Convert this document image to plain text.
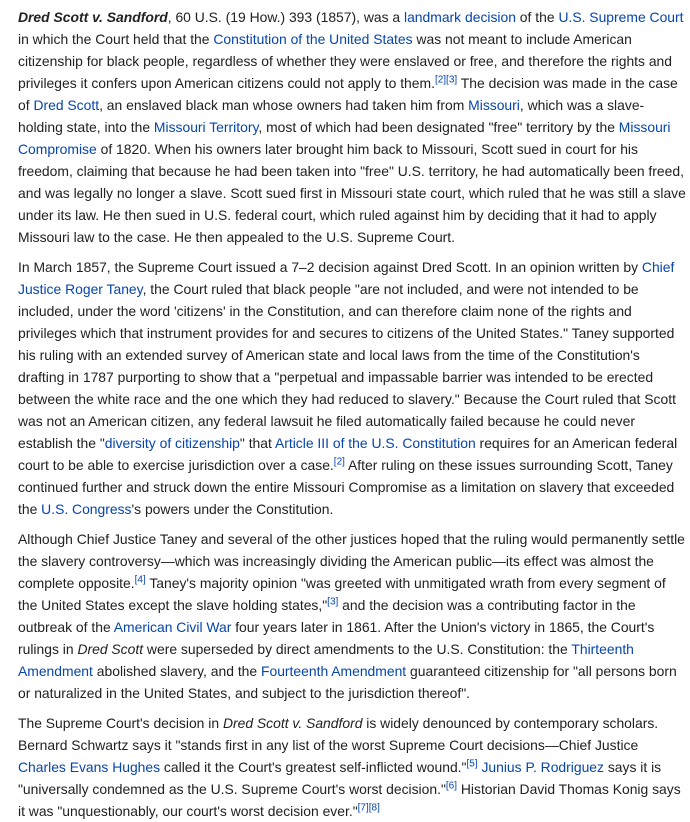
Dred Scott v. Sandford, 60 U.S. (19 How.) 393 (1857), was a landmark decision of the U.S. Supreme Court in which the Court held that the Constitution of the United States was not meant to include American citizenship for black people, regardless of whether they were enslaved or free, and therefore the rights and privileges it confers upon American citizens could not apply to them.[2][3] The decision was made in the case of Dred Scott, an enslaved black man whose owners had taken him from Missouri, which was a slave-holding state, into the Missouri Territory, most of which had been designated "free" territory by the Missouri Compromise of 1820. When his owners later brought him back to Missouri, Scott sued in court for his freedom, claiming that because he had been taken into "free" U.S. territory, he had automatically been freed, and was legally no longer a slave. Scott sued first in Missouri state court, which ruled that he was still a slave under its law. He then sued in U.S. federal court, which ruled against him by deciding that it had to apply Missouri law to the case. He then appealed to the U.S. Supreme Court.

In March 1857, the Supreme Court issued a 7–2 decision against Dred Scott. In an opinion written by Chief Justice Roger Taney, the Court ruled that black people "are not included, and were not intended to be included, under the word 'citizens' in the Constitution, and can therefore claim none of the rights and privileges which that instrument provides for and secures to citizens of the United States." Taney supported his ruling with an extended survey of American state and local laws from the time of the Constitution's drafting in 1787 purporting to show that a "perpetual and impassable barrier was intended to be erected between the white race and the one which they had reduced to slavery." Because the Court ruled that Scott was not an American citizen, any federal lawsuit he filed automatically failed because he could never establish the "diversity of citizenship" that Article III of the U.S. Constitution requires for an American federal court to be able to exercise jurisdiction over a case.[2] After ruling on these issues surrounding Scott, Taney continued further and struck down the entire Missouri Compromise as a limitation on slavery that exceeded the U.S. Congress's powers under the Constitution.

Although Chief Justice Taney and several of the other justices hoped that the ruling would permanently settle the slavery controversy—which was increasingly dividing the American public—its effect was almost the complete opposite.[4] Taney's majority opinion "was greeted with unmitigated wrath from every segment of the United States except the slave holding states,"[3] and the decision was a contributing factor in the outbreak of the American Civil War four years later in 1861. After the Union's victory in 1865, the Court's rulings in Dred Scott were superseded by direct amendments to the U.S. Constitution: the Thirteenth Amendment abolished slavery, and the Fourteenth Amendment guaranteed citizenship for "all persons born or naturalized in the United States, and subject to the jurisdiction thereof".

The Supreme Court's decision in Dred Scott v. Sandford is widely denounced by contemporary scholars. Bernard Schwartz says it "stands first in any list of the worst Supreme Court decisions—Chief Justice Charles Evans Hughes called it the Court's greatest self-inflicted wound."[5] Junius P. Rodriguez says it is "universally condemned as the U.S. Supreme Court's worst decision."[6] Historian David Thomas Konig says it was "unquestionably, our court's worst decision ever."[7][8]
